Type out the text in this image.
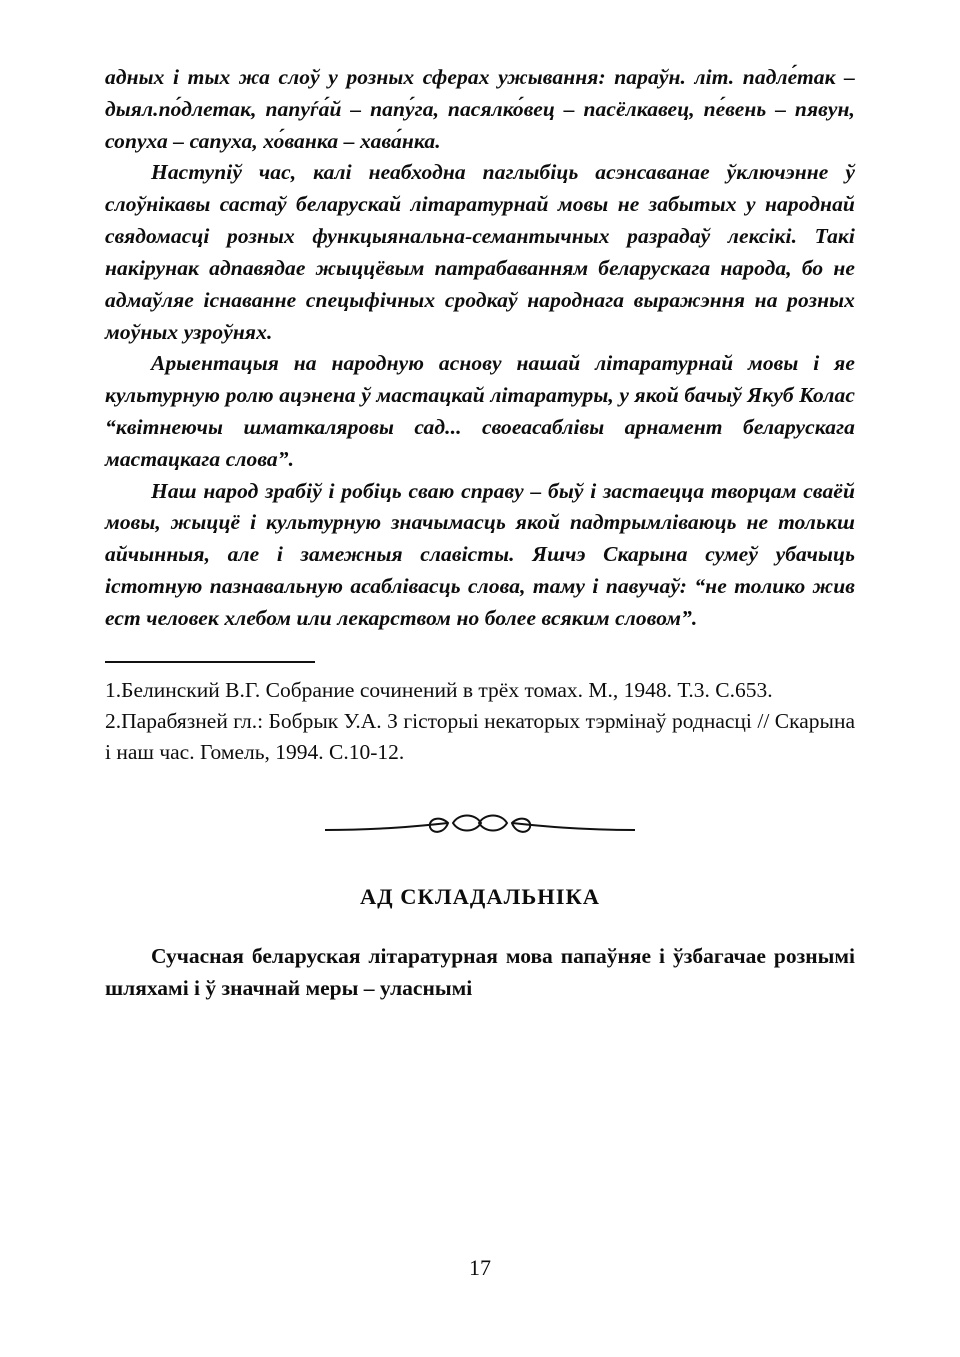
адных і тых жа слоў у розных сферах ужывання: параўн. літ. падле́так – дыял.по́длетак, папуѓа́й – папу́га, пасялко́вец – пасёлкавец, пе́вень – пявун, сопуха – сапуха, хо́ванка – хава́нка.

Наступіў час, калі неабходна паглыбіць асэнсаванае ўключэнне ў слоўнікавы састаў беларускай літаратурнай мовы не забытых у народнай свядомасці розных функцыянальна-семантычных разрадаў лексікі. Такі накірунак адпавядае жыццёвым патрабаванням беларускага народа, бо не адмаўляе існаванне спецыфічных сродкаў народнага выражэння на розных моўных узроўнях.

Арыентацыя на народную аснову нашай літаратурнай мовы і яе культурную ролю ацэнена ў мастацкай літаратуры, у якой бачыў Якуб Колас “квітнеючы шматкаляровы сад... своеасаблівы арнамент беларускага мастацкага слова”.

Наш народ зрабіў і робіць сваю справу – быў і застаецца творцам сваёй мовы, жыццё і культурную значымасць якой падтрымліваюць не толькш айчынныя, але і замежныя славісты. Яшчэ Скарына сумеў убачыць істотную пазнавальную асаблівасць слова, таму і павучаў: “не толико жив ест человек хлебом или лекарством но более всяким словом”.

1.Белинский В.Г. Собрание сочинений в трёх томах. М., 1948. Т.3. С.653.

2.Парабязней гл.: Бобрык У.А. З гісторыі некаторых тэрмінаў роднасці // Скарына і наш час. Гомель, 1994. С.10-12.

АД СКЛАДАЛЬНІКА

Сучасная беларуская літаратурная мова папаўняе і ўзбагачае рознымі шляхамі і ў значнай меры – уласнымі

17
